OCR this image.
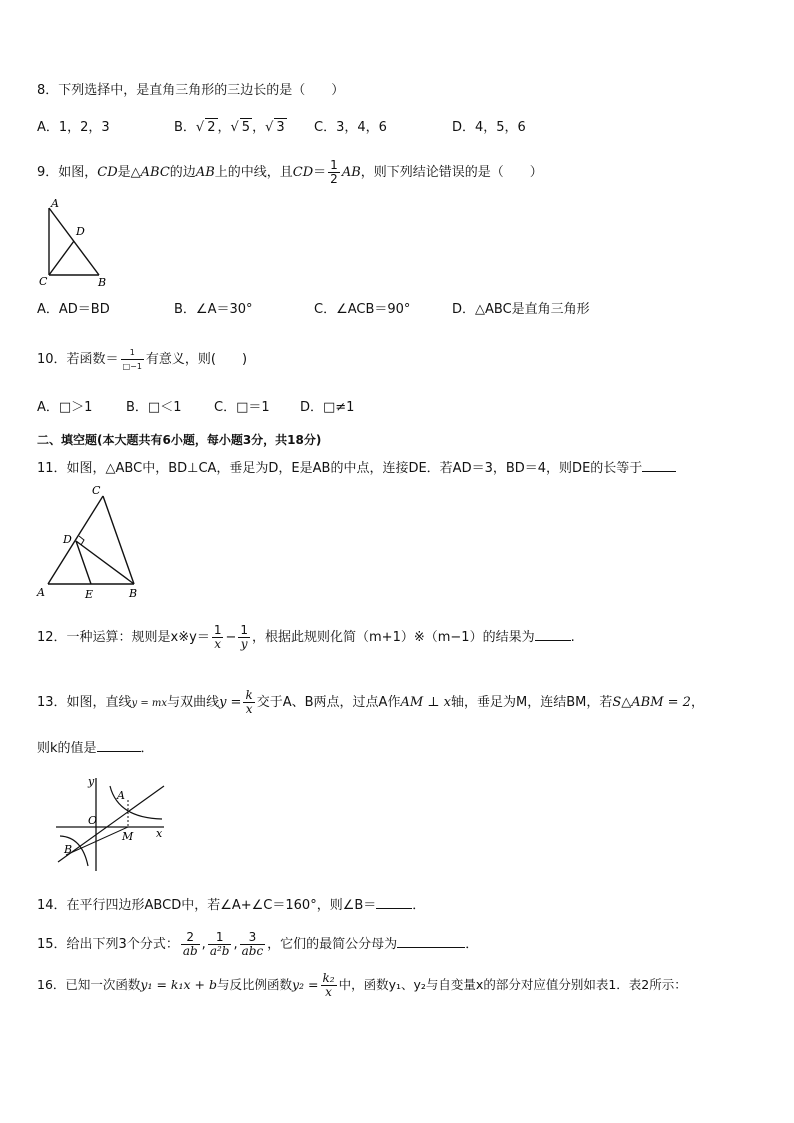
8．下列选择中，是直角三角形的三边长的是（　　）
A．1，2，3	B．√ 2 ，√ 5 ，√ 3 C．3，4，6	D．4，5，6
9．如图，CD是△ABC的边AB上的中线，且$CD= \frac{1}{2}$ AB，则下列结论错误的是（　　）
A
D
C	B
A．AD＝BD	B．∠A＝30°	C．∠ACB＝90°	D．△ABC是直角三角形
10．若函数＝ $\frac{1}{□-1}$ 有意义，则(　　)
A．□＞1	B．□＜1	C．□＝1 D．□≠1
二、填空题(本大题共有6小题，每小题3分，共18分)
11．如图，△ABC中，BD⊥CA，垂足为D，E是AB的中点，连接DE．若AD＝3，BD＝4，则DE的长等于
C
D
A	E	B
12．一种运算：规则是x※y＝ $\frac{1}{x} - \frac{1}{y}$ ，根据此规则化简（m+1）※（m−1）的结果为	.
13．如图，直线y = mx与双曲线$y = \frac{k}{x}$ 交于A、B两点，过点A作AM ⊥ x轴，垂足为M，连结BM，若S△ABM = 2，
则k的值是	．
y
x
O
A
B
M
14．在平行四边形ABCD中，若∠A+∠C＝160°，则∠B＝	．
15．给出下列3个分式： $\frac{2}{ab}$ , $\frac{1}{\text{a²b}}$ , $\frac{3}{\text{abc}}$ ，它们的最简公分母为	．
16．已知一次函数y₁ = k₁x + b与反比例函数$y_2 = \frac{\text{k₂}}{x}$ 中，函数y₁、y₂与自变量x的部分对应值分别如表1．表2所示：
